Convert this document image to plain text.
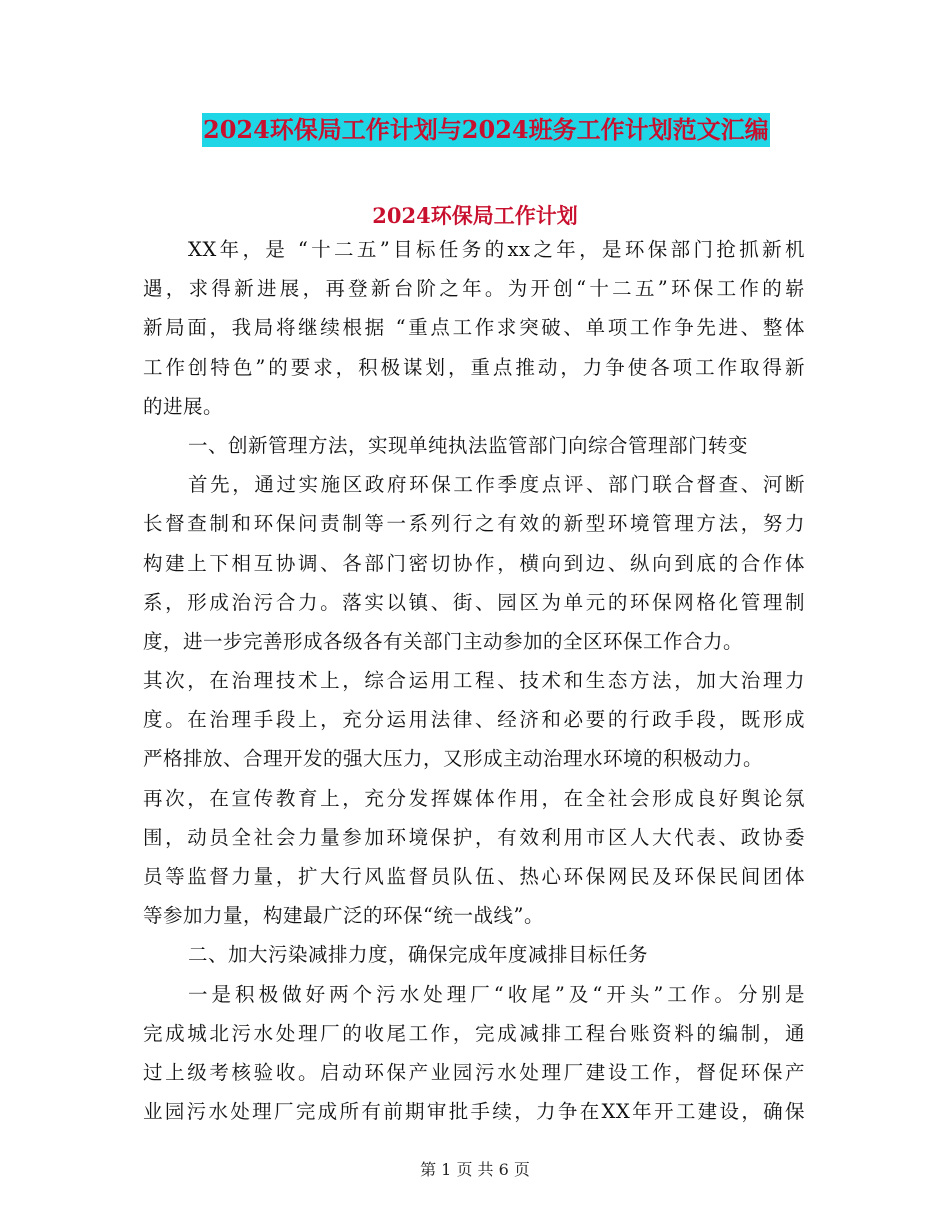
2024环保局工作计划与2024班务工作计划范文汇编
2024环保局工作计划
XX年，是 “十二五”目标任务的xx之年，是环保部门抢抓新机
遇，求得新进展，再登新台阶之年。为开创“十二五”环保工作的崭
新局面，我局将继续根据 “重点工作求突破、单项工作争先进、整体
工作创特色”的要求，积极谋划，重点推动，力争使各项工作取得新
的进展。
一、创新管理方法，实现单纯执法监管部门向综合管理部门转变
首先，通过实施区政府环保工作季度点评、部门联合督查、河断
长督查制和环保问责制等一系列行之有效的新型环境管理方法，努力
构建上下相互协调、各部门密切协作，横向到边、纵向到底的合作体
系，形成治污合力。落实以镇、街、园区为单元的环保网格化管理制
度，进一步完善形成各级各有关部门主动参加的全区环保工作合力。
其次，在治理技术上，综合运用工程、技术和生态方法，加大治理力
度。在治理手段上，充分运用法律、经济和必要的行政手段，既形成
严格排放、合理开发的强大压力，又形成主动治理水环境的积极动力。
再次，在宣传教育上，充分发挥媒体作用，在全社会形成良好舆论氛
围，动员全社会力量参加环境保护，有效利用市区人大代表、政协委
员等监督力量，扩大行风监督员队伍、热心环保网民及环保民间团体
等参加力量，构建最广泛的环保“统一战线”。
二、加大污染减排力度，确保完成年度减排目标任务
一是积极做好两个污水处理厂“收尾”及“开头”工作。分别是
完成城北污水处理厂的收尾工作，完成减排工程台账资料的编制，通
过上级考核验收。启动环保产业园污水处理厂建设工作，督促环保产
业园污水处理厂完成所有前期审批手续，力争在XX年开工建设，确保
第 1 页 共 6 页
